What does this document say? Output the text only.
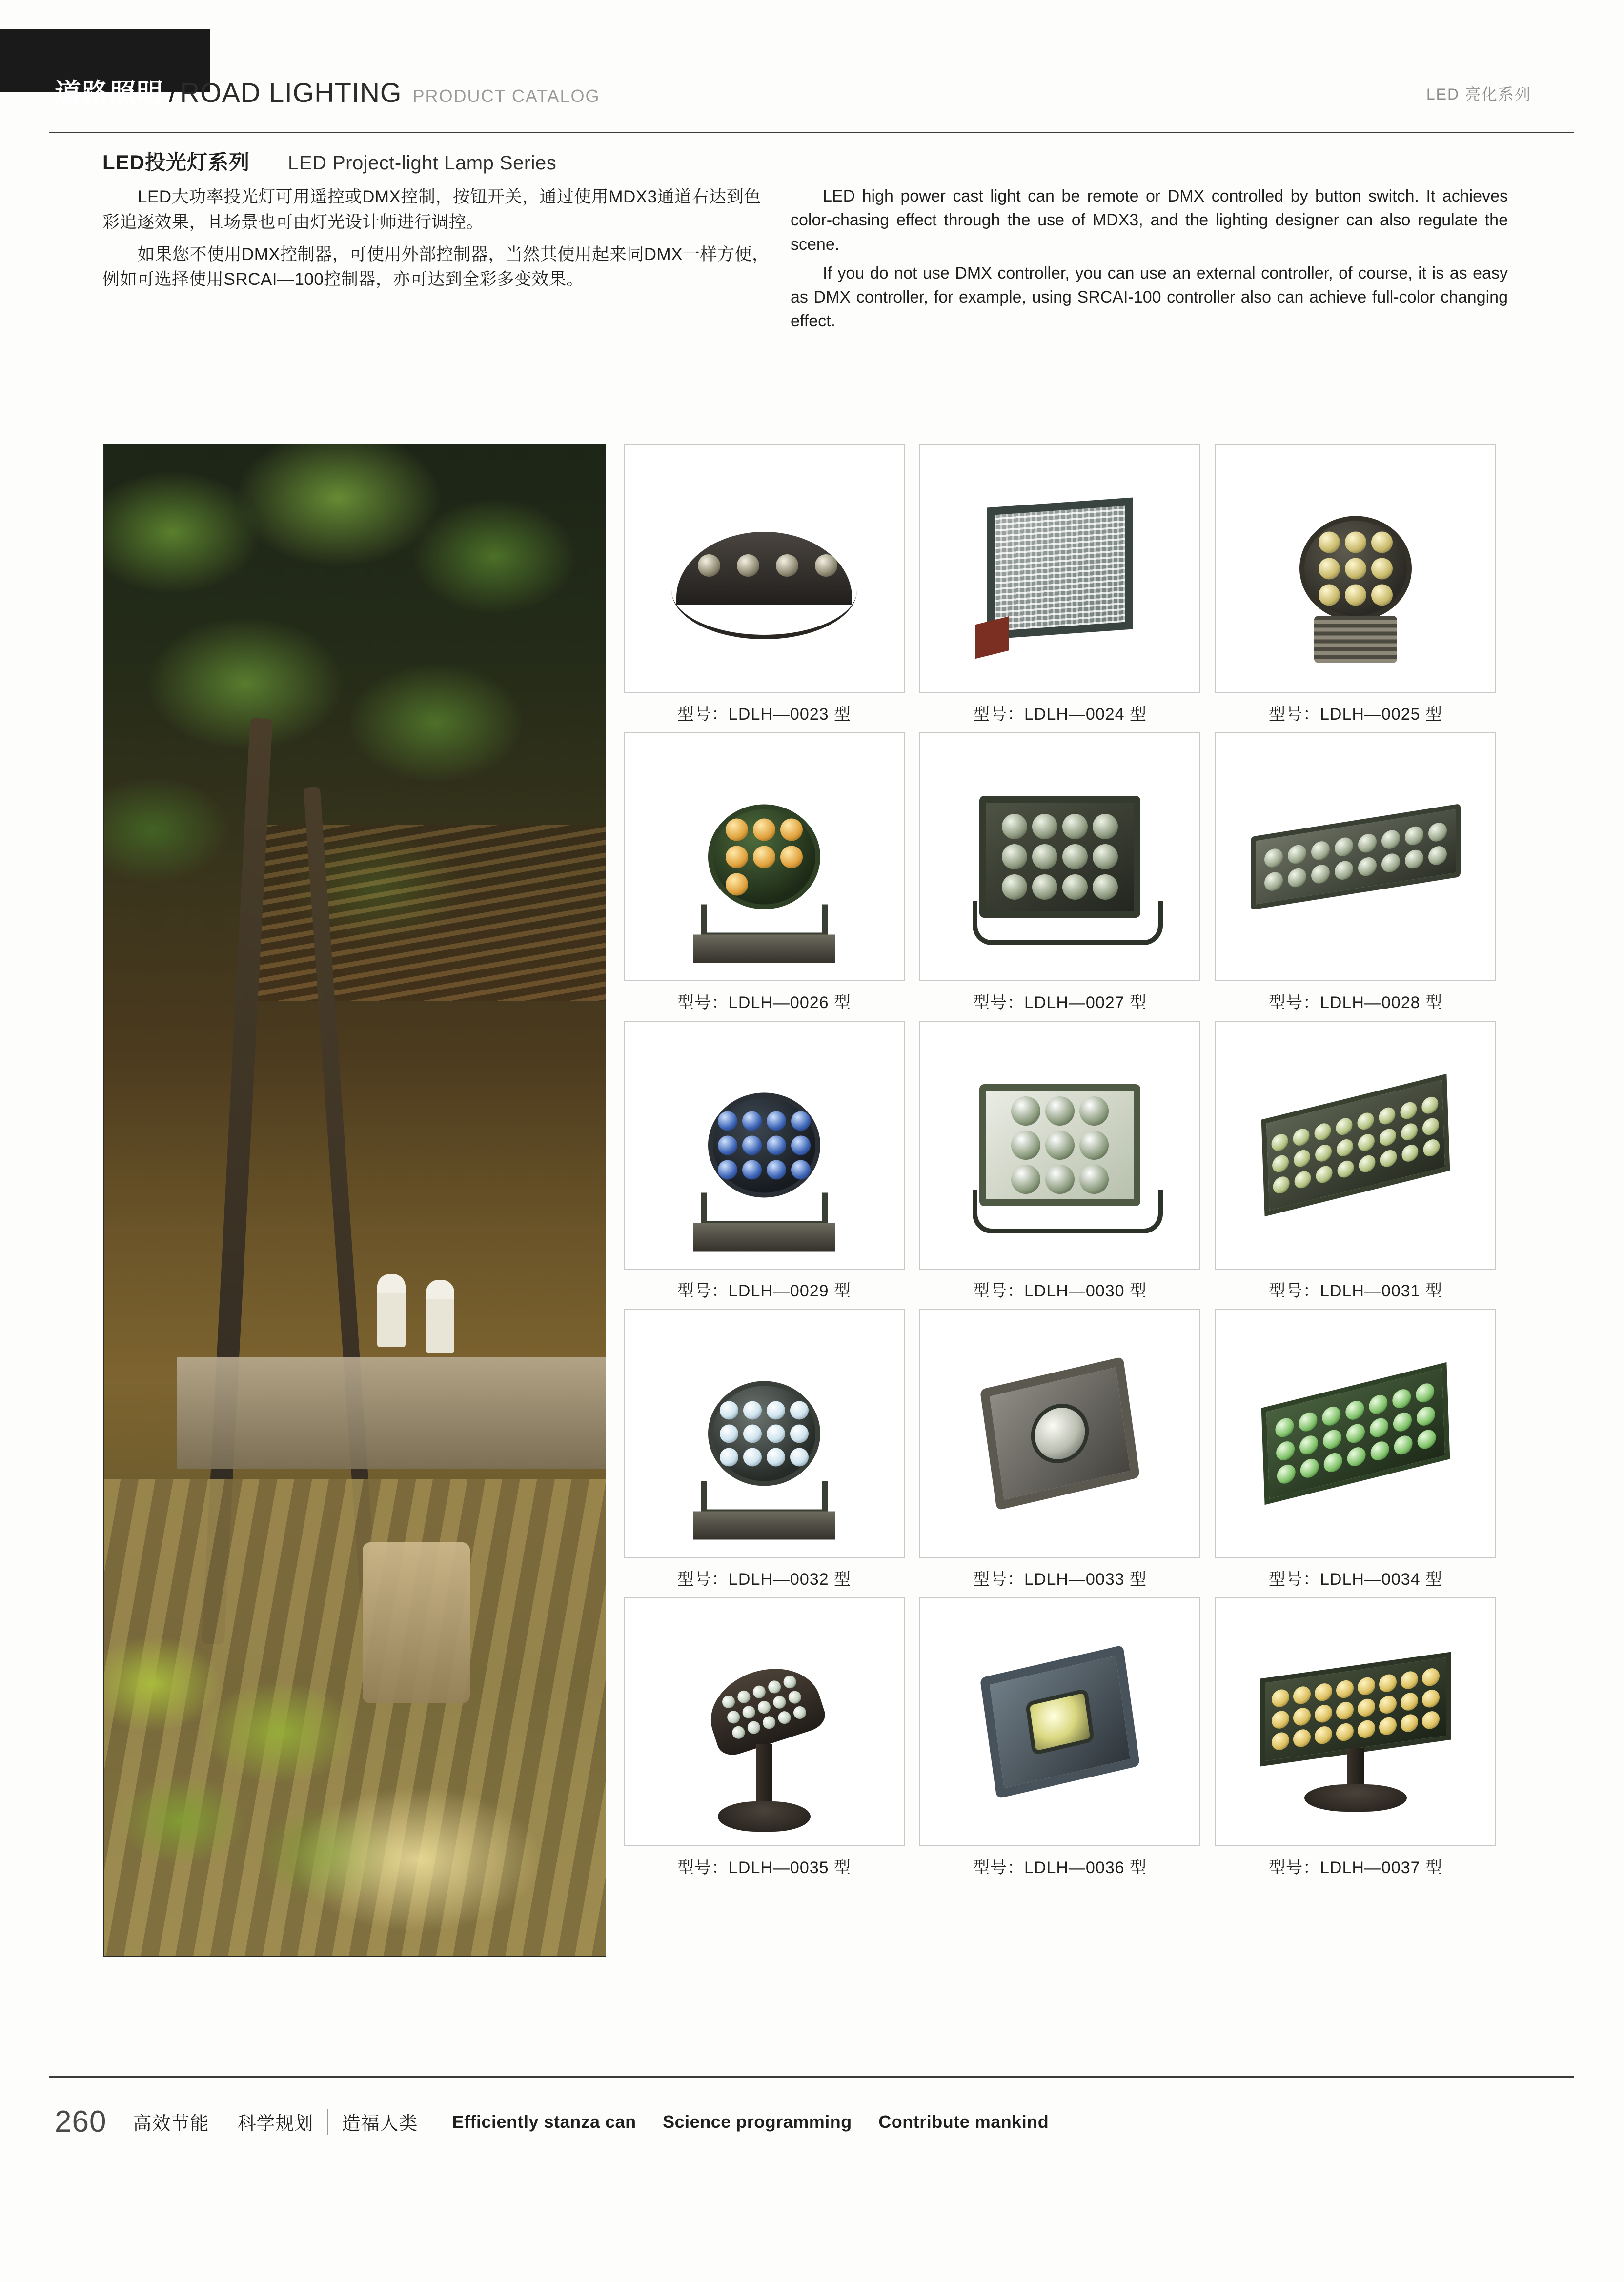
道路照明 / ROAD LIGHTING PRODUCT CATALOG	LED 亮化系列
LED投光灯系列 LED Project-light Lamp Series

LED大功率投光灯可用遥控或DMX控制，按钮开关，通过使用MDX3通道右达到色彩追逐效果，且场景也可由灯光设计师进行调控。

如果您不使用DMX控制器，可使用外部控制器，当然其使用起来同DMX一样方便，例如可选择使用SRCAI—100控制器，亦可达到全彩多变效果。

LED high power cast light can be remote or DMX controlled by button switch. It achieves color-chasing effect through the use of MDX3, and the lighting designer can also regulate the scene.

If you do not use DMX controller, you can use an external controller, of course, it is as easy as DMX controller, for example, using SRCAI-100 controller also can achieve full-color changing effect.

型号：LDLH—0023 型	型号：LDLH—0024 型	型号：LDLH—0025 型
型号：LDLH—0026 型	型号：LDLH—0027 型	型号：LDLH—0028 型
型号：LDLH—0029 型	型号：LDLH—0030 型	型号：LDLH—0031 型
型号：LDLH—0032 型	型号：LDLH—0033 型	型号：LDLH—0034 型
型号：LDLH—0035 型	型号：LDLH—0036 型	型号：LDLH—0037 型
260	高效节能	科学规划	造福人类	Efficiently stanza can Science programming Contribute mankind
